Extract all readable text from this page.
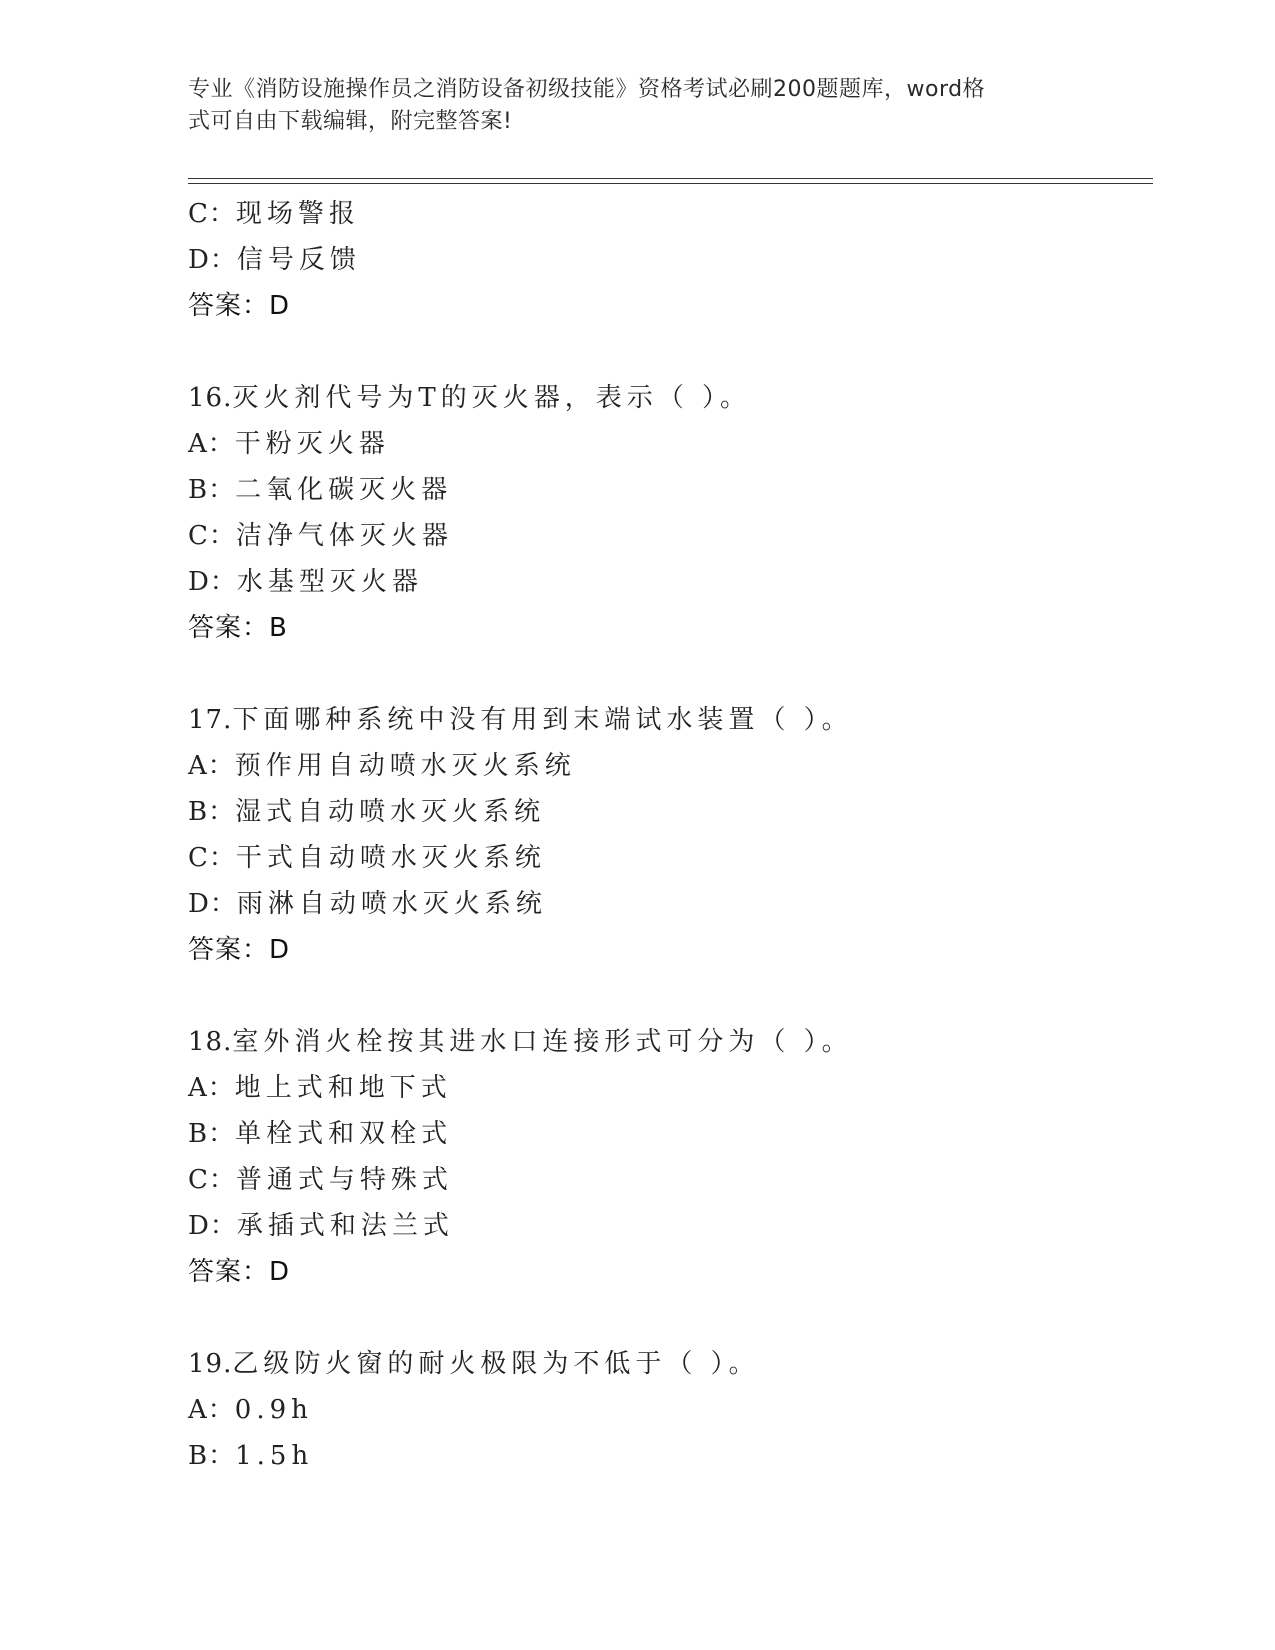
专业《消防设施操作员之消防设备初级技能》资格考试必刷200题题库，word格
式可自由下载编辑，附完整答案!
C：现场警报
D：信号反馈
答案：D
16.灭火剂代号为T的灭火器，表示（ ）。
A：干粉灭火器
B：二氧化碳灭火器
C：洁净气体灭火器
D：水基型灭火器
答案：B
17.下面哪种系统中没有用到末端试水装置（ ）。
A：预作用自动喷水灭火系统
B：湿式自动喷水灭火系统
C：干式自动喷水灭火系统
D：雨淋自动喷水灭火系统
答案：D
18.室外消火栓按其进水口连接形式可分为（ ）。
A：地上式和地下式
B：单栓式和双栓式
C：普通式与特殊式
D：承插式和法兰式
答案：D
19.乙级防火窗的耐火极限为不低于（ ）。
A：0.9h
B：1.5h
